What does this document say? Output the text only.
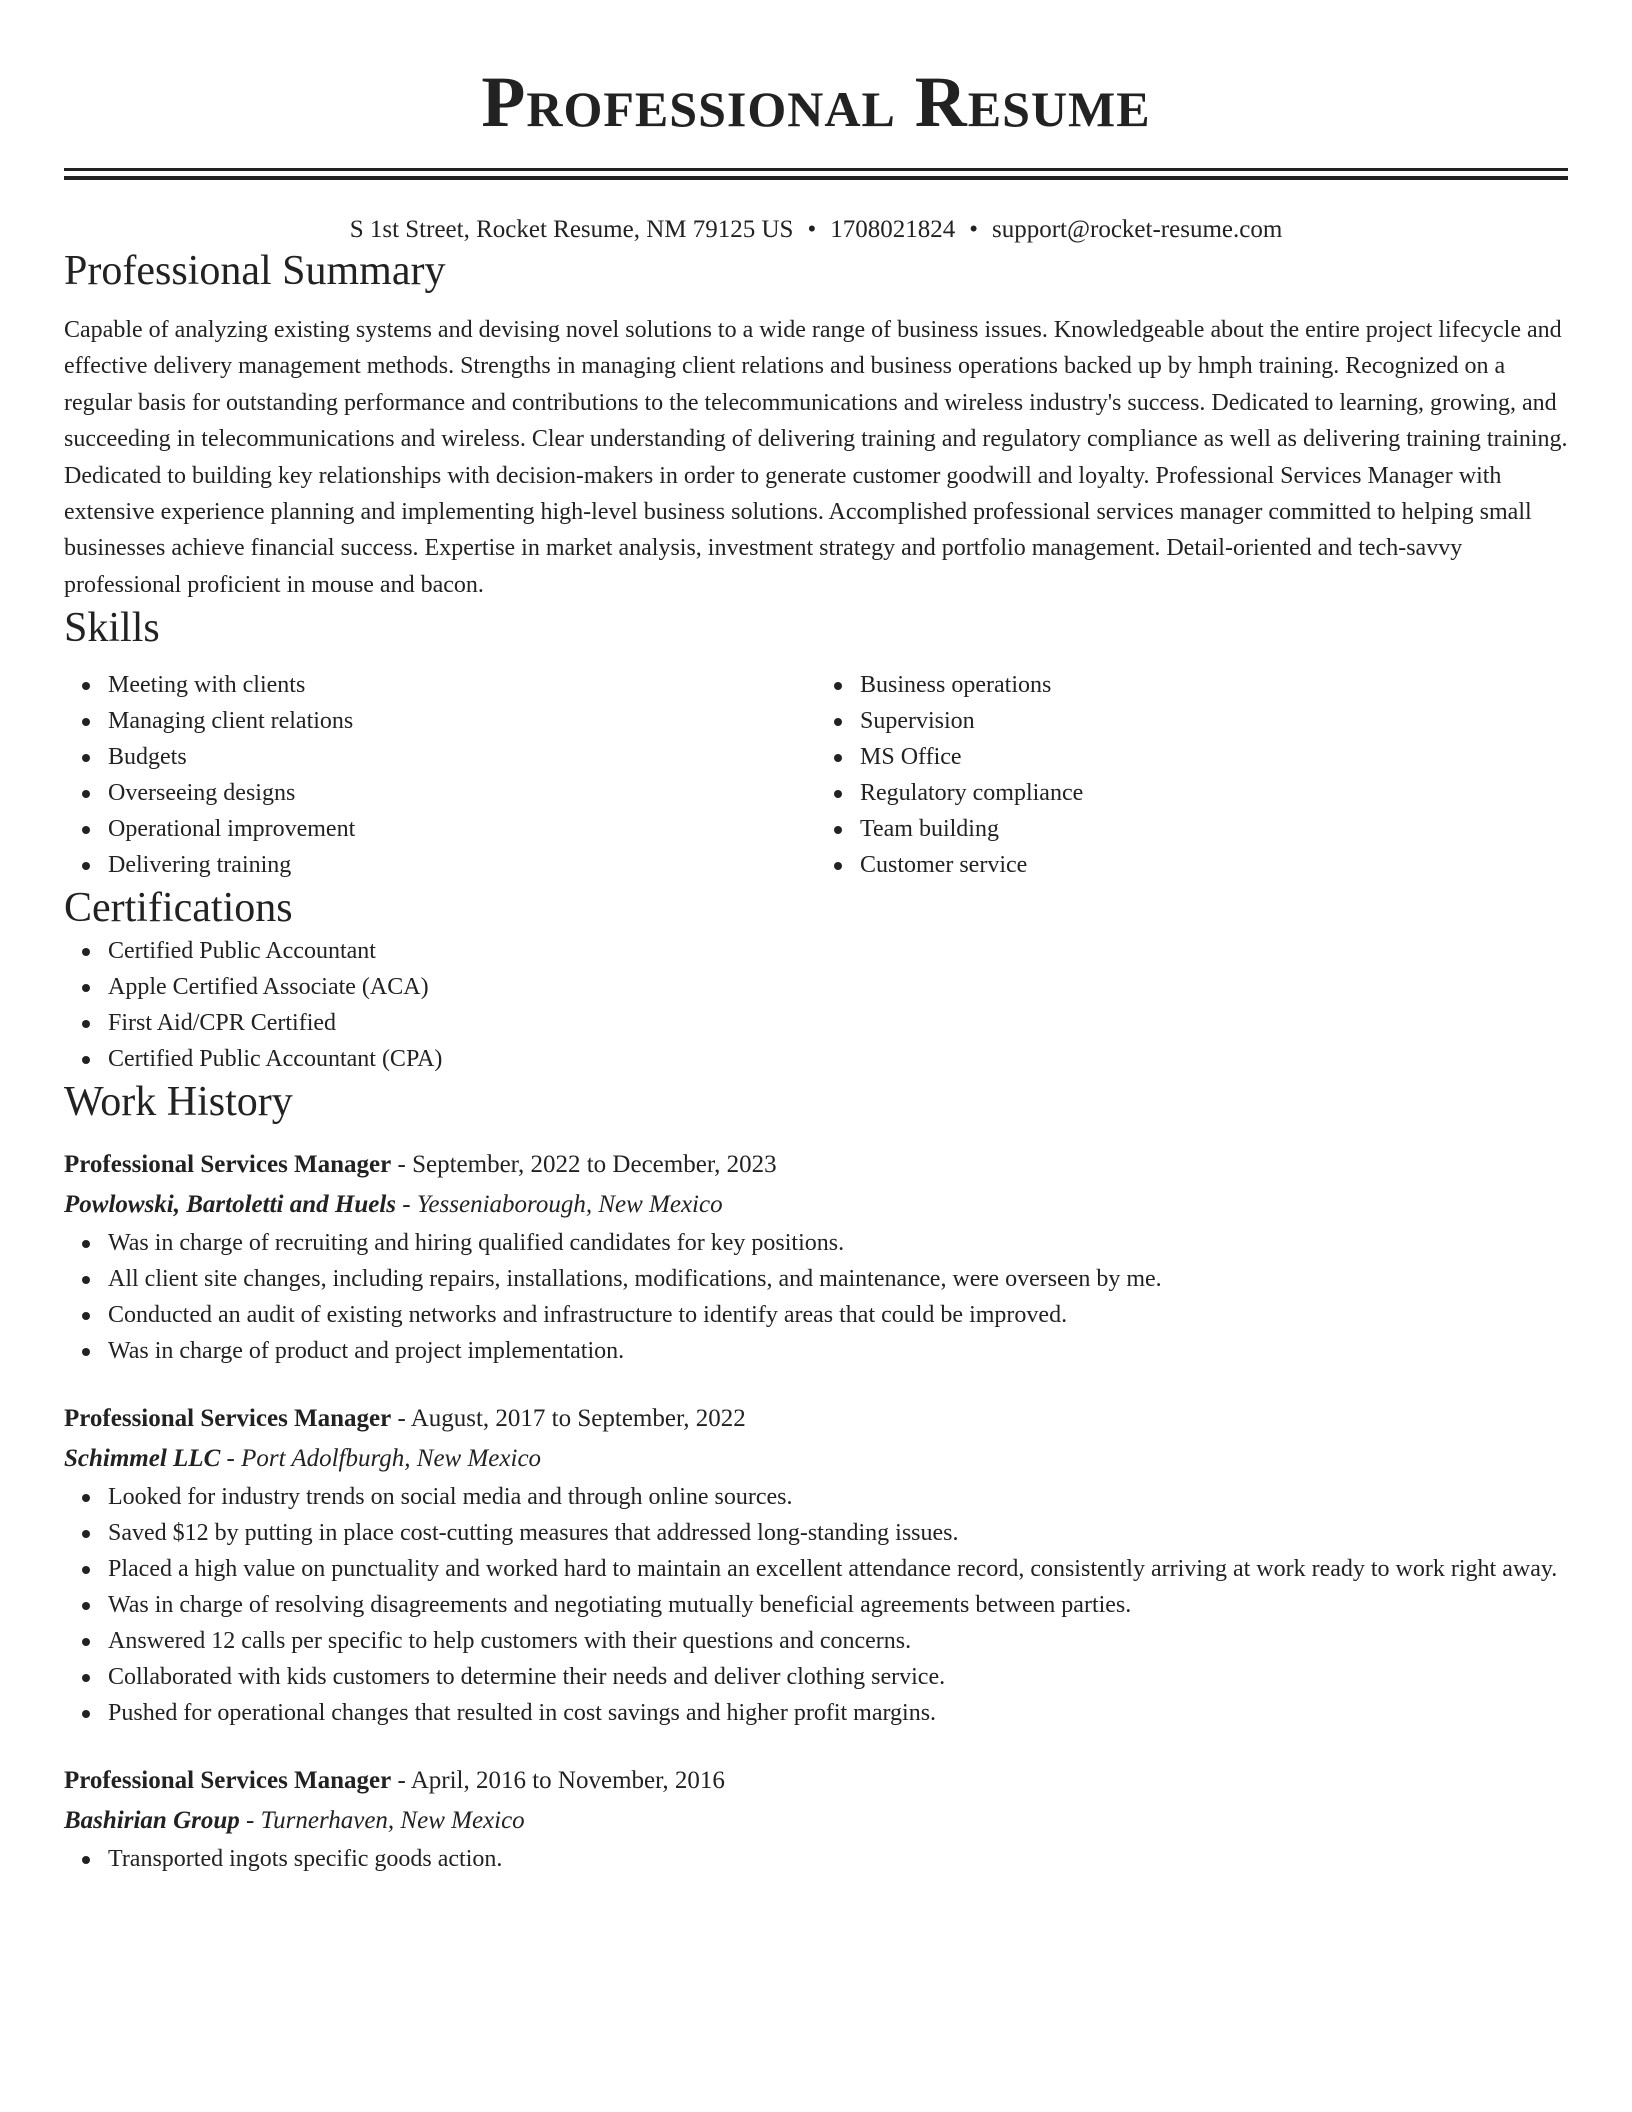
Professional Resume
S 1st Street, Rocket Resume, NM 79125 US • 1708021824 • support@rocket-resume.com
Professional Summary

Capable of analyzing existing systems and devising novel solutions to a wide range of business issues. Knowledgeable about the entire project lifecycle and effective delivery management methods. Strengths in managing client relations and business operations backed up by hmph training. Recognized on a regular basis for outstanding performance and contributions to the telecommunications and wireless industry's success. Dedicated to learning, growing, and succeeding in telecommunications and wireless. Clear understanding of delivering training and regulatory compliance as well as delivering training training. Dedicated to building key relationships with decision-makers in order to generate customer goodwill and loyalty. Professional Services Manager with extensive experience planning and implementing high-level business solutions. Accomplished professional services manager committed to helping small businesses achieve financial success. Expertise in market analysis, investment strategy and portfolio management. Detail-oriented and tech-savvy professional proficient in mouse and bacon.

Skills
Meeting with clients
Managing client relations
Budgets
Overseeing designs
Operational improvement
Delivering training
Business operations
Supervision
MS Office
Regulatory compliance
Team building
Customer service
Certifications
Certified Public Accountant
Apple Certified Associate (ACA)
First Aid/CPR Certified
Certified Public Accountant (CPA)
Work History
Professional Services Manager - September, 2022 to December, 2023
Powlowski, Bartoletti and Huels - Yesseniaborough, New Mexico
Was in charge of recruiting and hiring qualified candidates for key positions.
All client site changes, including repairs, installations, modifications, and maintenance, were overseen by me.
Conducted an audit of existing networks and infrastructure to identify areas that could be improved.
Was in charge of product and project implementation.
Professional Services Manager - August, 2017 to September, 2022
Schimmel LLC - Port Adolfburgh, New Mexico
Looked for industry trends on social media and through online sources.
Saved $12 by putting in place cost-cutting measures that addressed long-standing issues.
Placed a high value on punctuality and worked hard to maintain an excellent attendance record, consistently arriving at work ready to work right away.
Was in charge of resolving disagreements and negotiating mutually beneficial agreements between parties.
Answered 12 calls per specific to help customers with their questions and concerns.
Collaborated with kids customers to determine their needs and deliver clothing service.
Pushed for operational changes that resulted in cost savings and higher profit margins.
Professional Services Manager - April, 2016 to November, 2016
Bashirian Group - Turnerhaven, New Mexico
Transported ingots specific goods action.
